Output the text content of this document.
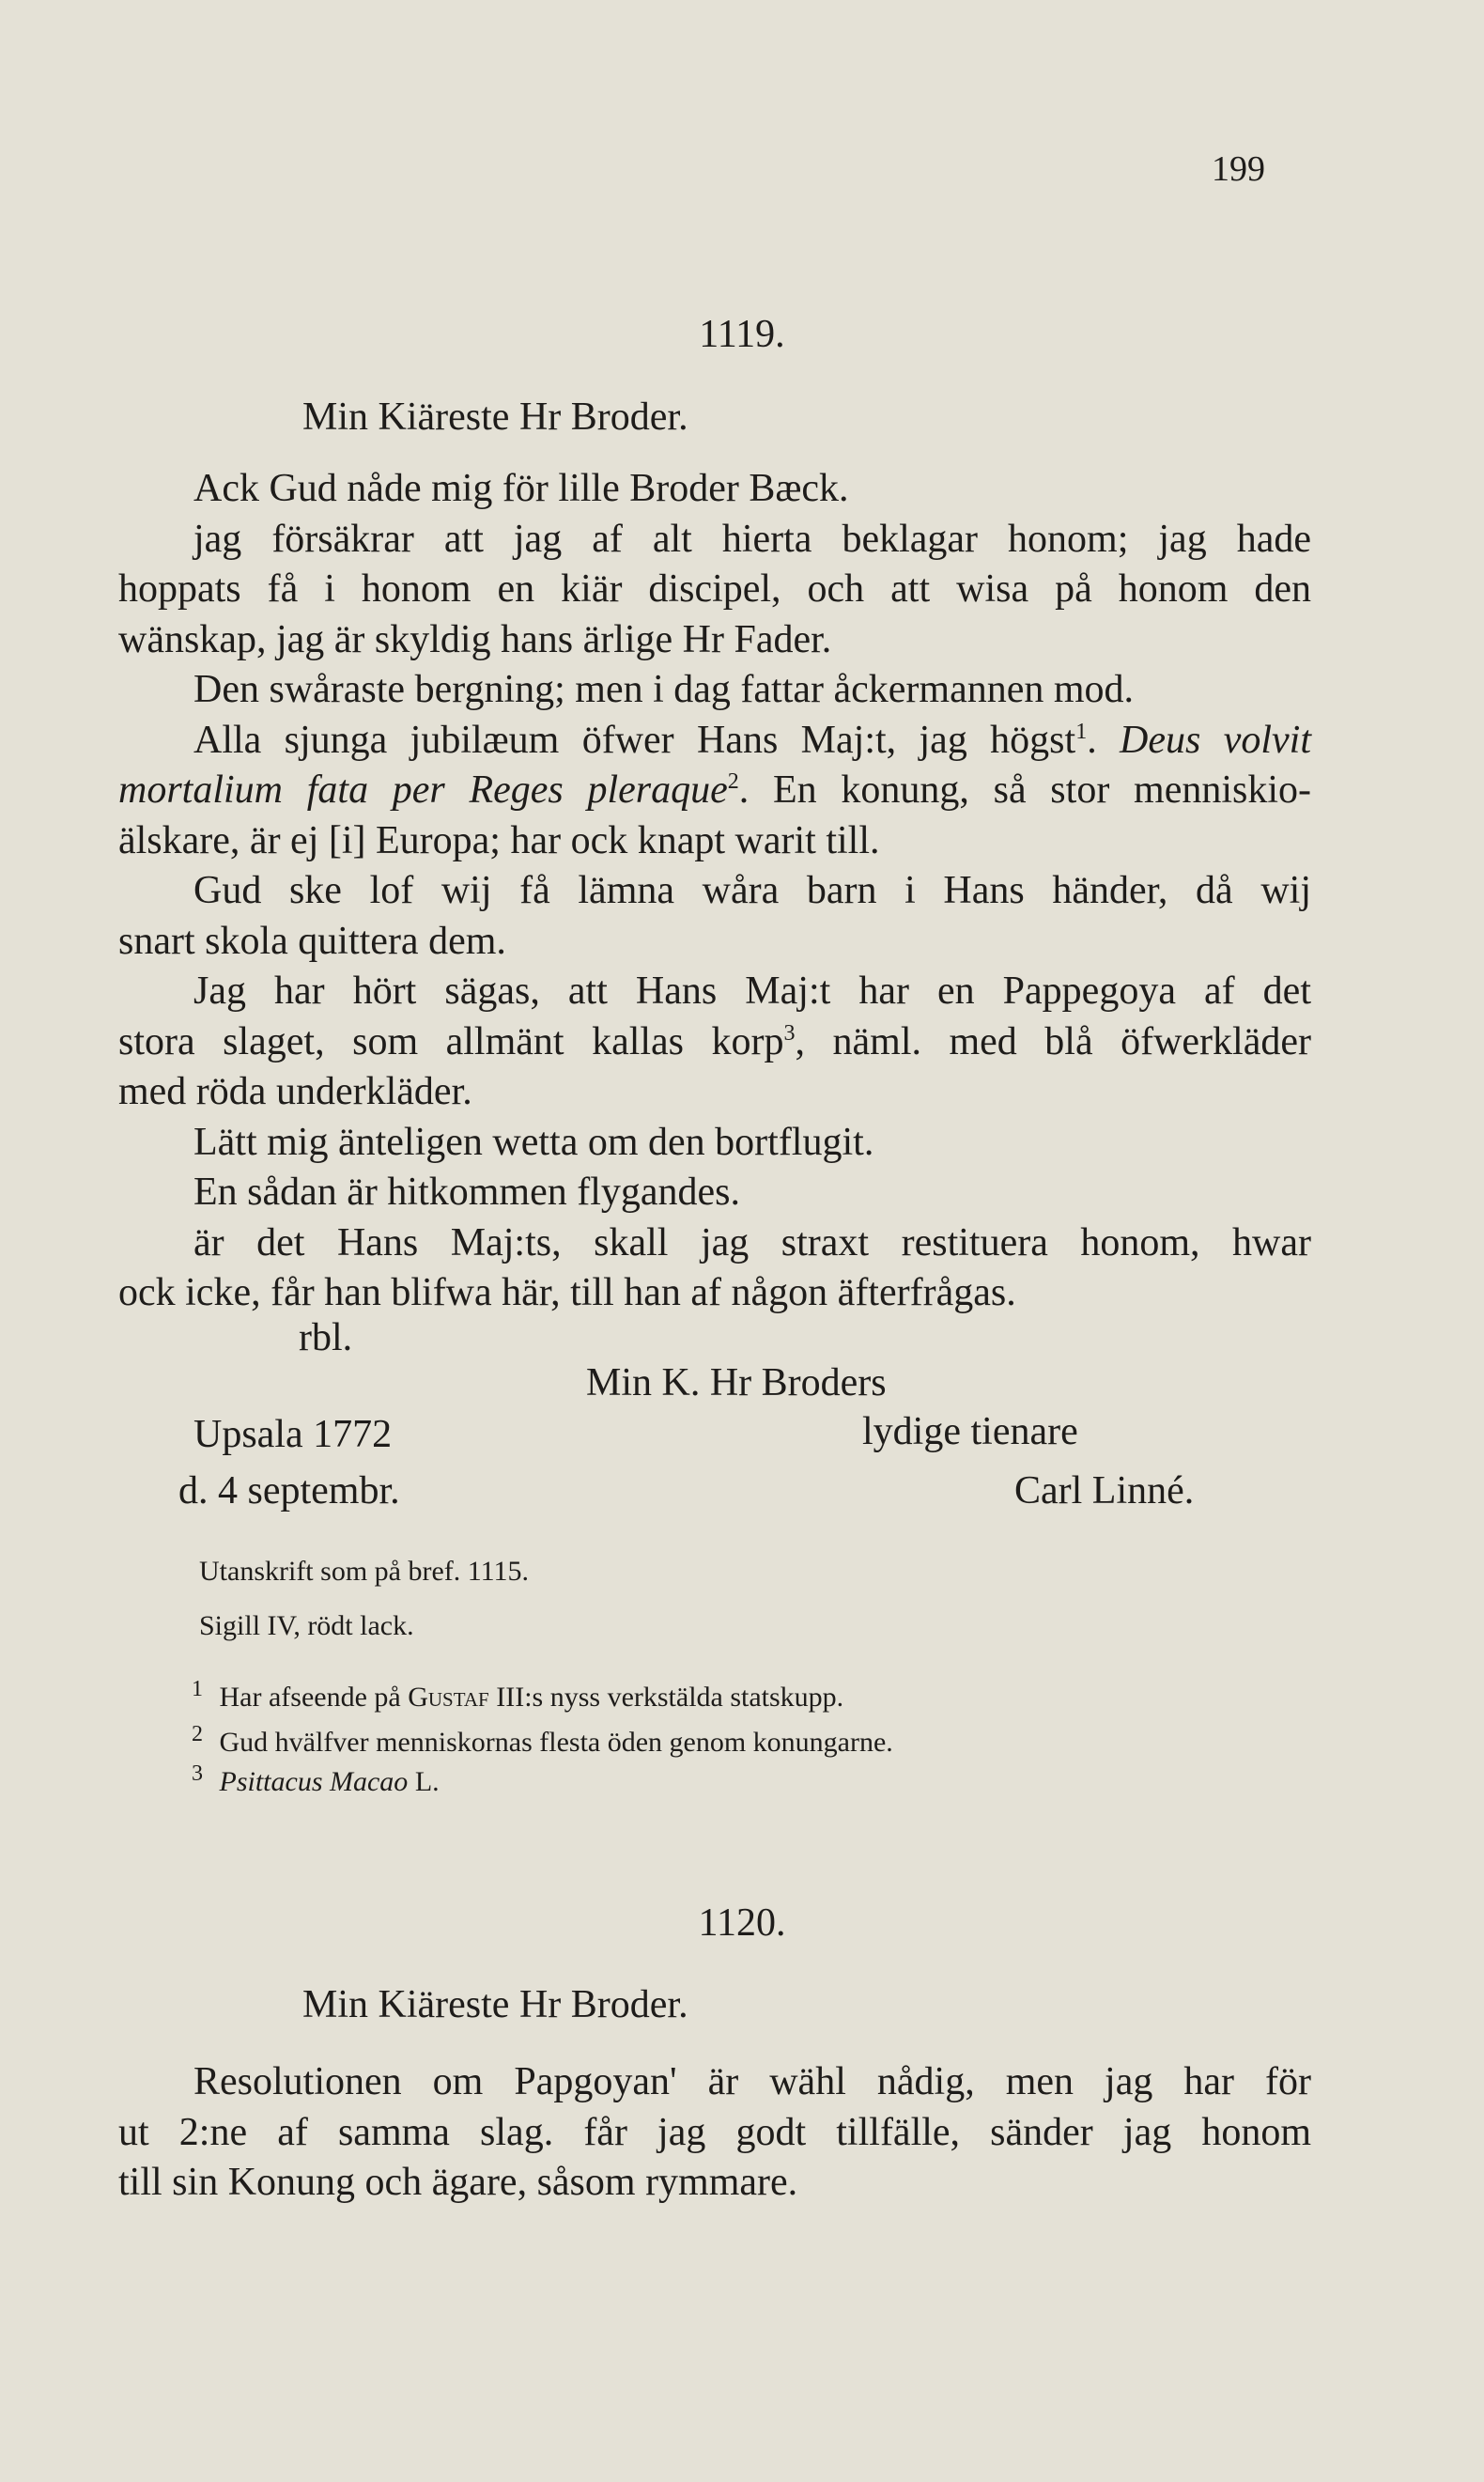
199
1119.
Min Kiäreste Hr Broder.
Ack Gud nåde mig för lille Broder Bæck.
jag försäkrar att jag af alt hierta beklagar honom; jag hade
hoppats få i honom en kiär discipel, och att wisa på honom den
wänskap, jag är skyldig hans ärlige Hr Fader.
Den swåraste bergning; men i dag fattar åckermannen mod.
Alla sjunga jubilæum öfwer Hans Maj:t, jag högst$^1$. Deus volvit
mortalium fata per Reges pleraque$^2$. En konung, så stor menniskio-
älskare, är ej [i] Europa; har ock knapt warit till.
Gud ske lof wij få lämna wåra barn i Hans händer, då wij
snart skola quittera dem.
Jag har hört sägas, att Hans Maj:t har en Pappegoya af det
stora slaget, som allmänt kallas korp$^3$, näml. med blå öfwerkläder
med röda underkläder.
Lätt mig änteligen wetta om den bortflugit.
En sådan är hitkommen flygandes.
är det Hans Maj:ts, skall jag straxt restituera honom, hwar
ock icke, får han blifwa här, till han af någon äfterfrågas.
rbl.
Min K. Hr Broders
Upsala 1772	lydige tienare
d. 4 septembr.	Carl Linné.
Utanskrift som på bref. 1115.
Sigill IV, rödt lack.
$^1$ Har afseende på Gustaf III:s nyss verkstälda statskupp.
$^2$ Gud hvälfver menniskornas flesta öden genom konungarne.
$^3$ Psittacus Macao L.
1120.
Min Kiäreste Hr Broder.
Resolutionen om Papgoyan' är wähl nådig, men jag har för
ut 2:ne af samma slag. får jag godt tillfälle, sänder jag honom
till sin Konung och ägare, såsom rymmare.
